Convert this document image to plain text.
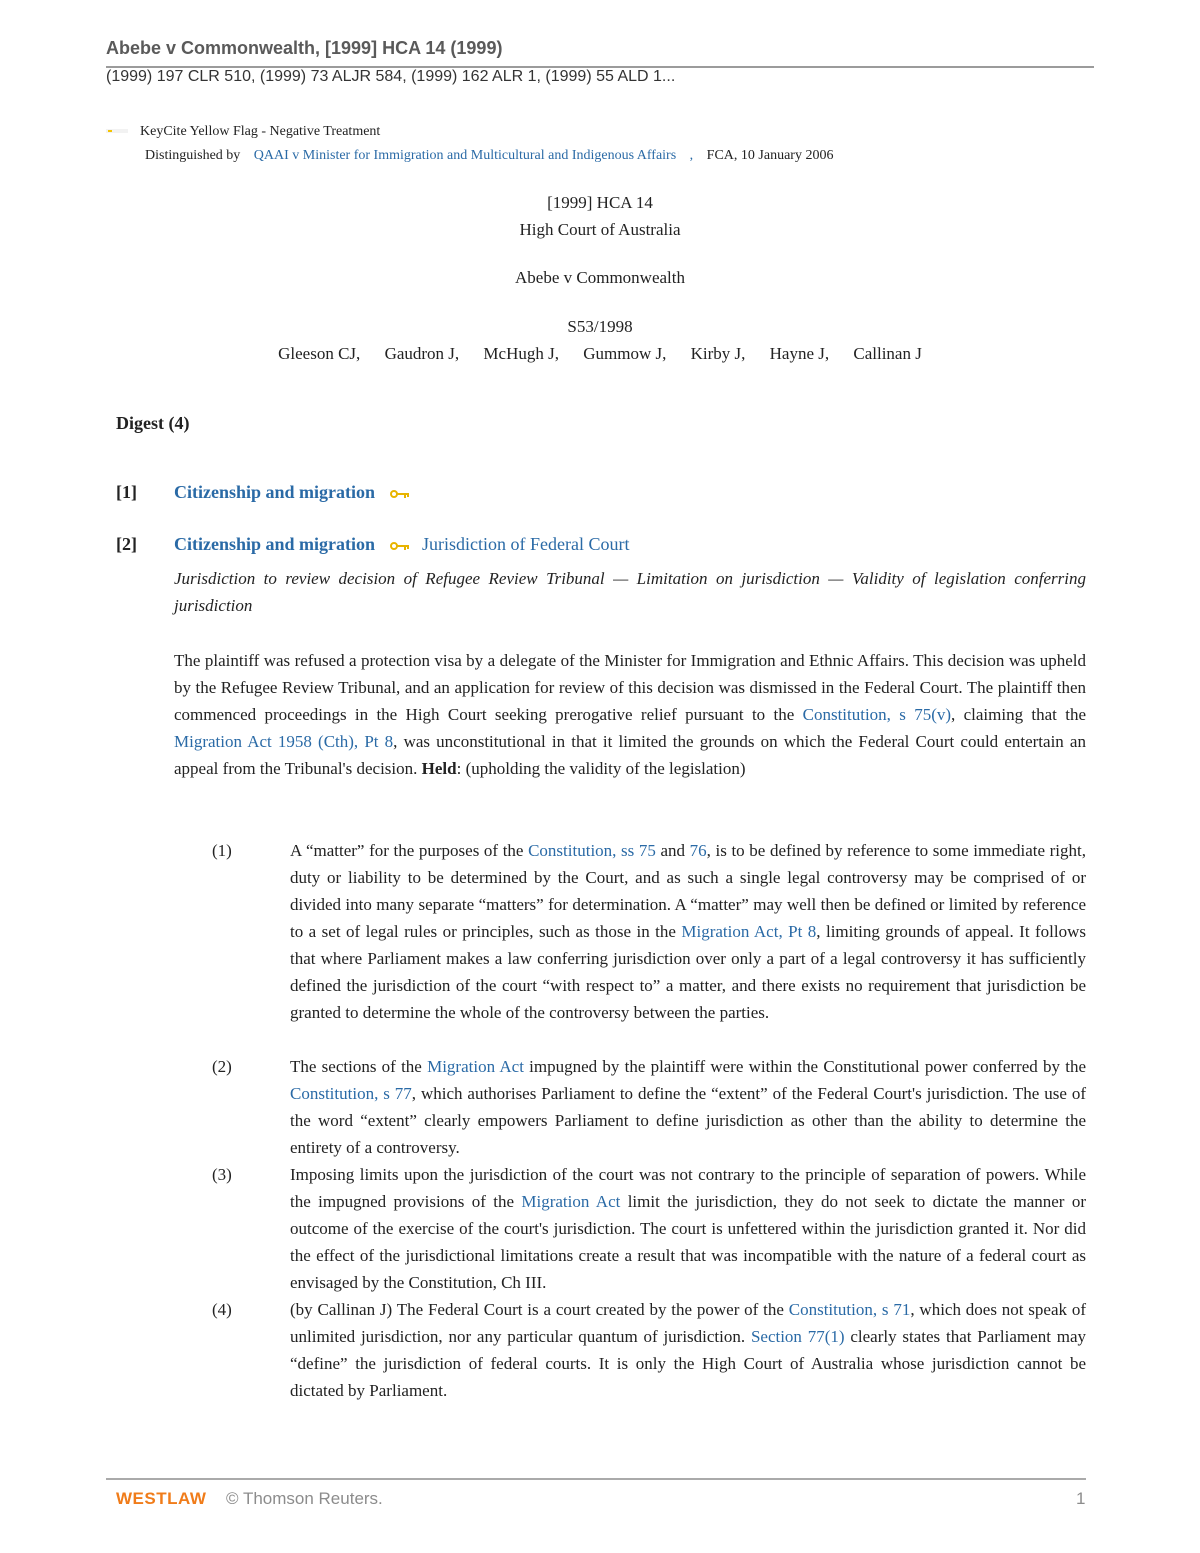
Abebe v Commonwealth, [1999] HCA 14 (1999)
(1999) 197 CLR 510, (1999) 73 ALJR 584, (1999) 162 ALR 1, (1999) 55 ALD 1...
KeyCite Yellow Flag - Negative Treatment
Distinguished by QAAI v Minister for Immigration and Multicultural and Indigenous Affairs , FCA, 10 January 2006
[1999] HCA 14
High Court of Australia
Abebe v Commonwealth
S53/1998
Gleeson CJ, Gaudron J, McHugh J, Gummow J, Kirby J, Hayne J, Callinan J
Digest (4)
[1] Citizenship and migration
[2] Citizenship and migration	Jurisdiction of Federal Court
Jurisdiction to review decision of Refugee Review Tribunal — Limitation on jurisdiction — Validity of legislation conferring jurisdiction
The plaintiff was refused a protection visa by a delegate of the Minister for Immigration and Ethnic Affairs. This decision was upheld by the Refugee Review Tribunal, and an application for review of this decision was dismissed in the Federal Court. The plaintiff then commenced proceedings in the High Court seeking prerogative relief pursuant to the Constitution, s 75(v), claiming that the Migration Act 1958 (Cth), Pt 8, was unconstitutional in that it limited the grounds on which the Federal Court could entertain an appeal from the Tribunal's decision. Held: (upholding the validity of the legislation)
(1)	A “matter” for the purposes of the Constitution, ss 75 and 76, is to be defined by reference to some immediate right, duty or liability to be determined by the Court, and as such a single legal controversy may be comprised of or divided into many separate “matters” for determination. A “matter” may well then be defined or limited by reference to a set of legal rules or principles, such as those in the Migration Act, Pt 8, limiting grounds of appeal. It follows that where Parliament makes a law conferring jurisdiction over only a part of a legal controversy it has sufficiently defined the jurisdiction of the court “with respect to” a matter, and there exists no requirement that jurisdiction be granted to determine the whole of the controversy between the parties.
(2)	The sections of the Migration Act impugned by the plaintiff were within the Constitutional power conferred by the Constitution, s 77, which authorises Parliament to define the “extent” of the Federal Court's jurisdiction. The use of the word “extent” clearly empowers Parliament to define jurisdiction as other than the ability to determine the entirety of a controversy.
(3)	Imposing limits upon the jurisdiction of the court was not contrary to the principle of separation of powers. While the impugned provisions of the Migration Act limit the jurisdiction, they do not seek to dictate the manner or outcome of the exercise of the court's jurisdiction. The court is unfettered within the jurisdiction granted it. Nor did the effect of the jurisdictional limitations create a result that was incompatible with the nature of a federal court as envisaged by the Constitution, Ch III.
(4)	(by Callinan J) The Federal Court is a court created by the power of the Constitution, s 71, which does not speak of unlimited jurisdiction, nor any particular quantum of jurisdiction. Section 77(1) clearly states that Parliament may “define” the jurisdiction of federal courts. It is only the High Court of Australia whose jurisdiction cannot be dictated by Parliament.
WESTLAW © Thomson Reuters.	1
